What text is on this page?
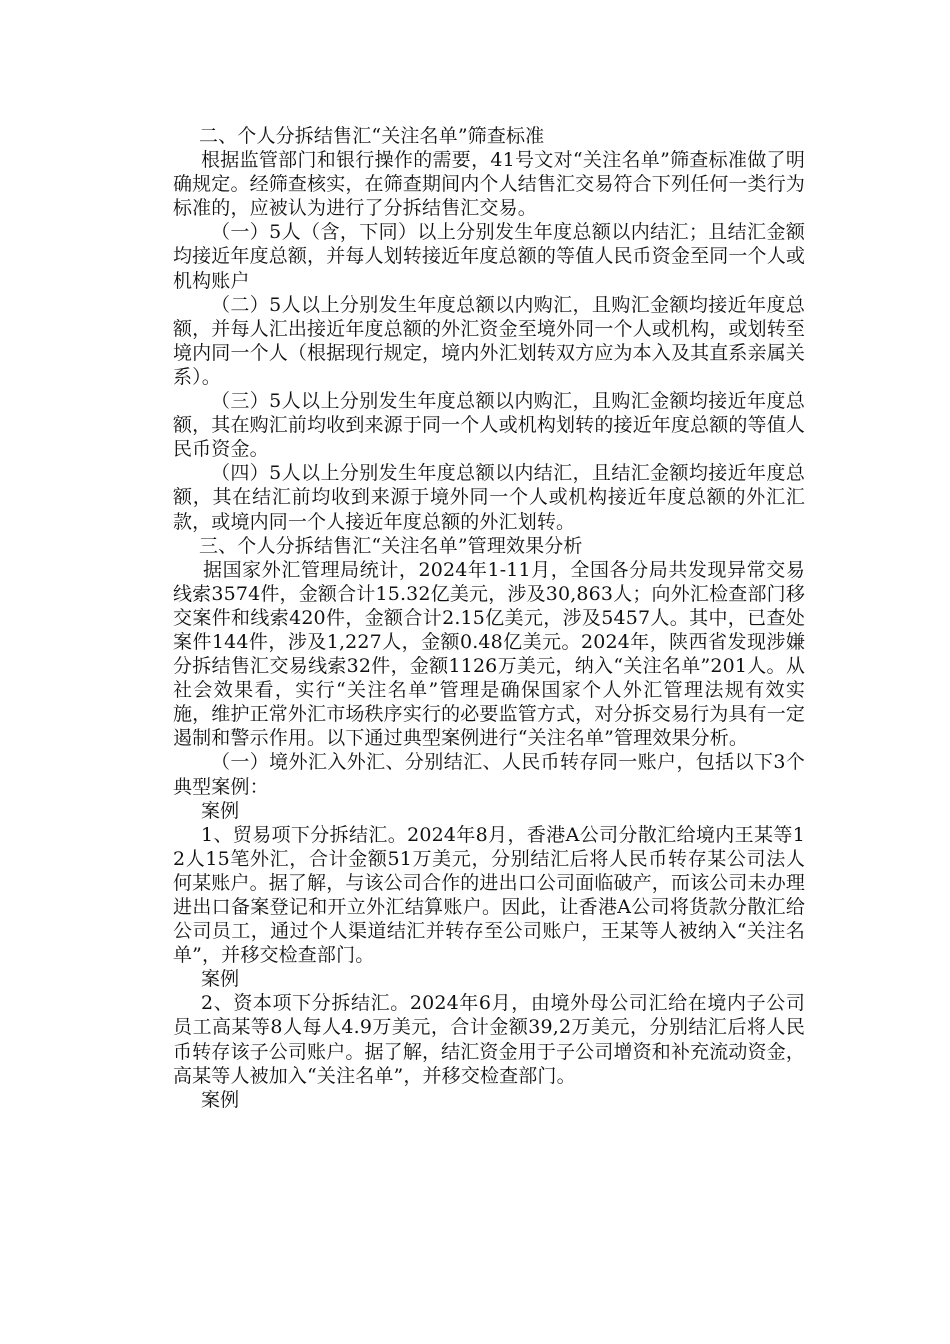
二、个人分拆结售汇“关注名单”筛查标准

根据监管部门和银行操作的需要，41号文对“关注名单”筛查标准做了明确规定。经筛查核实，在筛查期间内个人结售汇交易符合下列任何一类行为标准的，应被认为进行了分拆结售汇交易。

（一）5人（含，下同）以上分别发生年度总额以内结汇；且结汇金额均接近年度总额，并每人划转接近年度总额的等值人民币资金至同一个人或机构账户

（二）5人以上分别发生年度总额以内购汇，且购汇金额均接近年度总额，并每人汇出接近年度总额的外汇资金至境外同一个人或机构，或划转至境内同一个人（根据现行规定，境内外汇划转双方应为本入及其直系亲属关系）。

（三）5人以上分别发生年度总额以内购汇，且购汇金额均接近年度总额，其在购汇前均收到来源于同一个人或机构划转的接近年度总额的等值人民币资金。

（四）5人以上分别发生年度总额以内结汇，且结汇金额均接近年度总额，其在结汇前均收到来源于境外同一个人或机构接近年度总额的外汇汇款，或境内同一个人接近年度总额的外汇划转。

三、个人分拆结售汇“关注名单”管理效果分析

据国家外汇管理局统计，2024年1-11月，全国各分局共发现异常交易线索3574件，金额合计15.32亿美元，涉及30,863人；向外汇检查部门移交案件和线索420件，金额合计2.15亿美元，涉及5457人。其中，已查处案件144件，涉及1,227人，金额0.48亿美元。2024年，陕西省发现涉嫌分拆结售汇交易线索32件，金额1126万美元，纳入“关注名单”201人。从社会效果看，实行“关注名单”管理是确保国家个人外汇管理法规有效实施，维护正常外汇市场秩序实行的必要监管方式，对分拆交易行为具有一定遏制和警示作用。以下通过典型案例进行“关注名单”管理效果分析。

（一）境外汇入外汇、分别结汇、人民币转存同一账户，包括以下3个典型案例：

案例

1、贸易项下分拆结汇。2024年8月，香港A公司分散汇给境内王某等12人15笔外汇，合计金额51万美元，分别结汇后将人民币转存某公司法人何某账户。据了解，与该公司合作的进出口公司面临破产，而该公司未办理进出口备案登记和开立外汇结算账户。因此，让香港A公司将货款分散汇给公司员工，通过个人渠道结汇并转存至公司账户，王某等人被纳入“关注名单”，并移交检查部门。

案例

2、资本项下分拆结汇。2024年6月，由境外母公司汇给在境内子公司员工高某等8人每人4.9万美元，合计金额39,2万美元，分别结汇后将人民币转存该子公司账户。据了解，结汇资金用于子公司增资和补充流动资金，高某等人被加入“关注名单”，并移交检查部门。

案例
